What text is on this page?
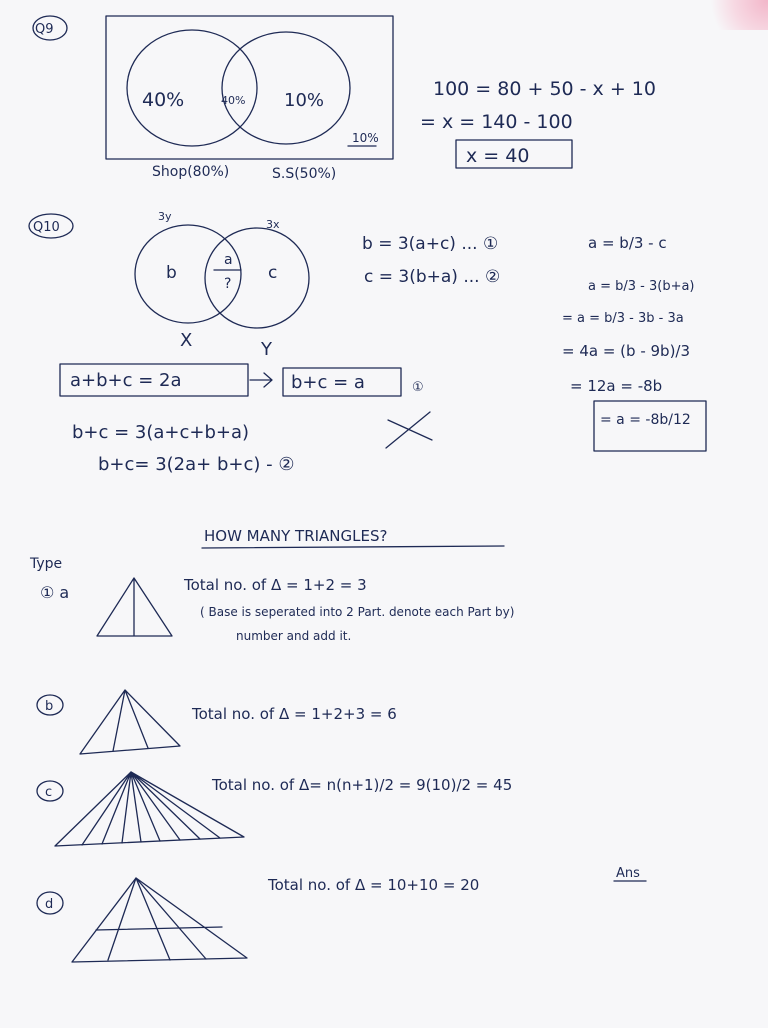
Q9
40%	40% 10%
10%
Shop(80%)	S.S(50%)
100 = 80 + 50 - x + 10
= x = 140 - 100
x = 40
Q10
3y
3x
b
a
?
c
X	Y
b = 3(a+c) ... ①
c = 3(b+a) ... ②
a = b/3 - c
a = b/3 - 3(b+a)
= a = b/3 - 3b - 3a
= 4a = (b - 9b)/3
= 12a = -8b
= a = -8b/12
a+b+c = 2a	b+c = a	①
b+c = 3(a+c+b+a)
b+c= 3(2a+ b+c) - ②
HOW MANY TRIANGLES?
Type
① a	Total no. of Δ = 1+2 = 3
( Base is seperated into 2 Part. denote each Part by)
number and add it.
b	Total no. of Δ = 1+2+3 = 6
c	Total no. of Δ= n(n+1)/2 = 9(10)/2 = 45
d
Total no. of Δ = 10+10 = 20
Ans
